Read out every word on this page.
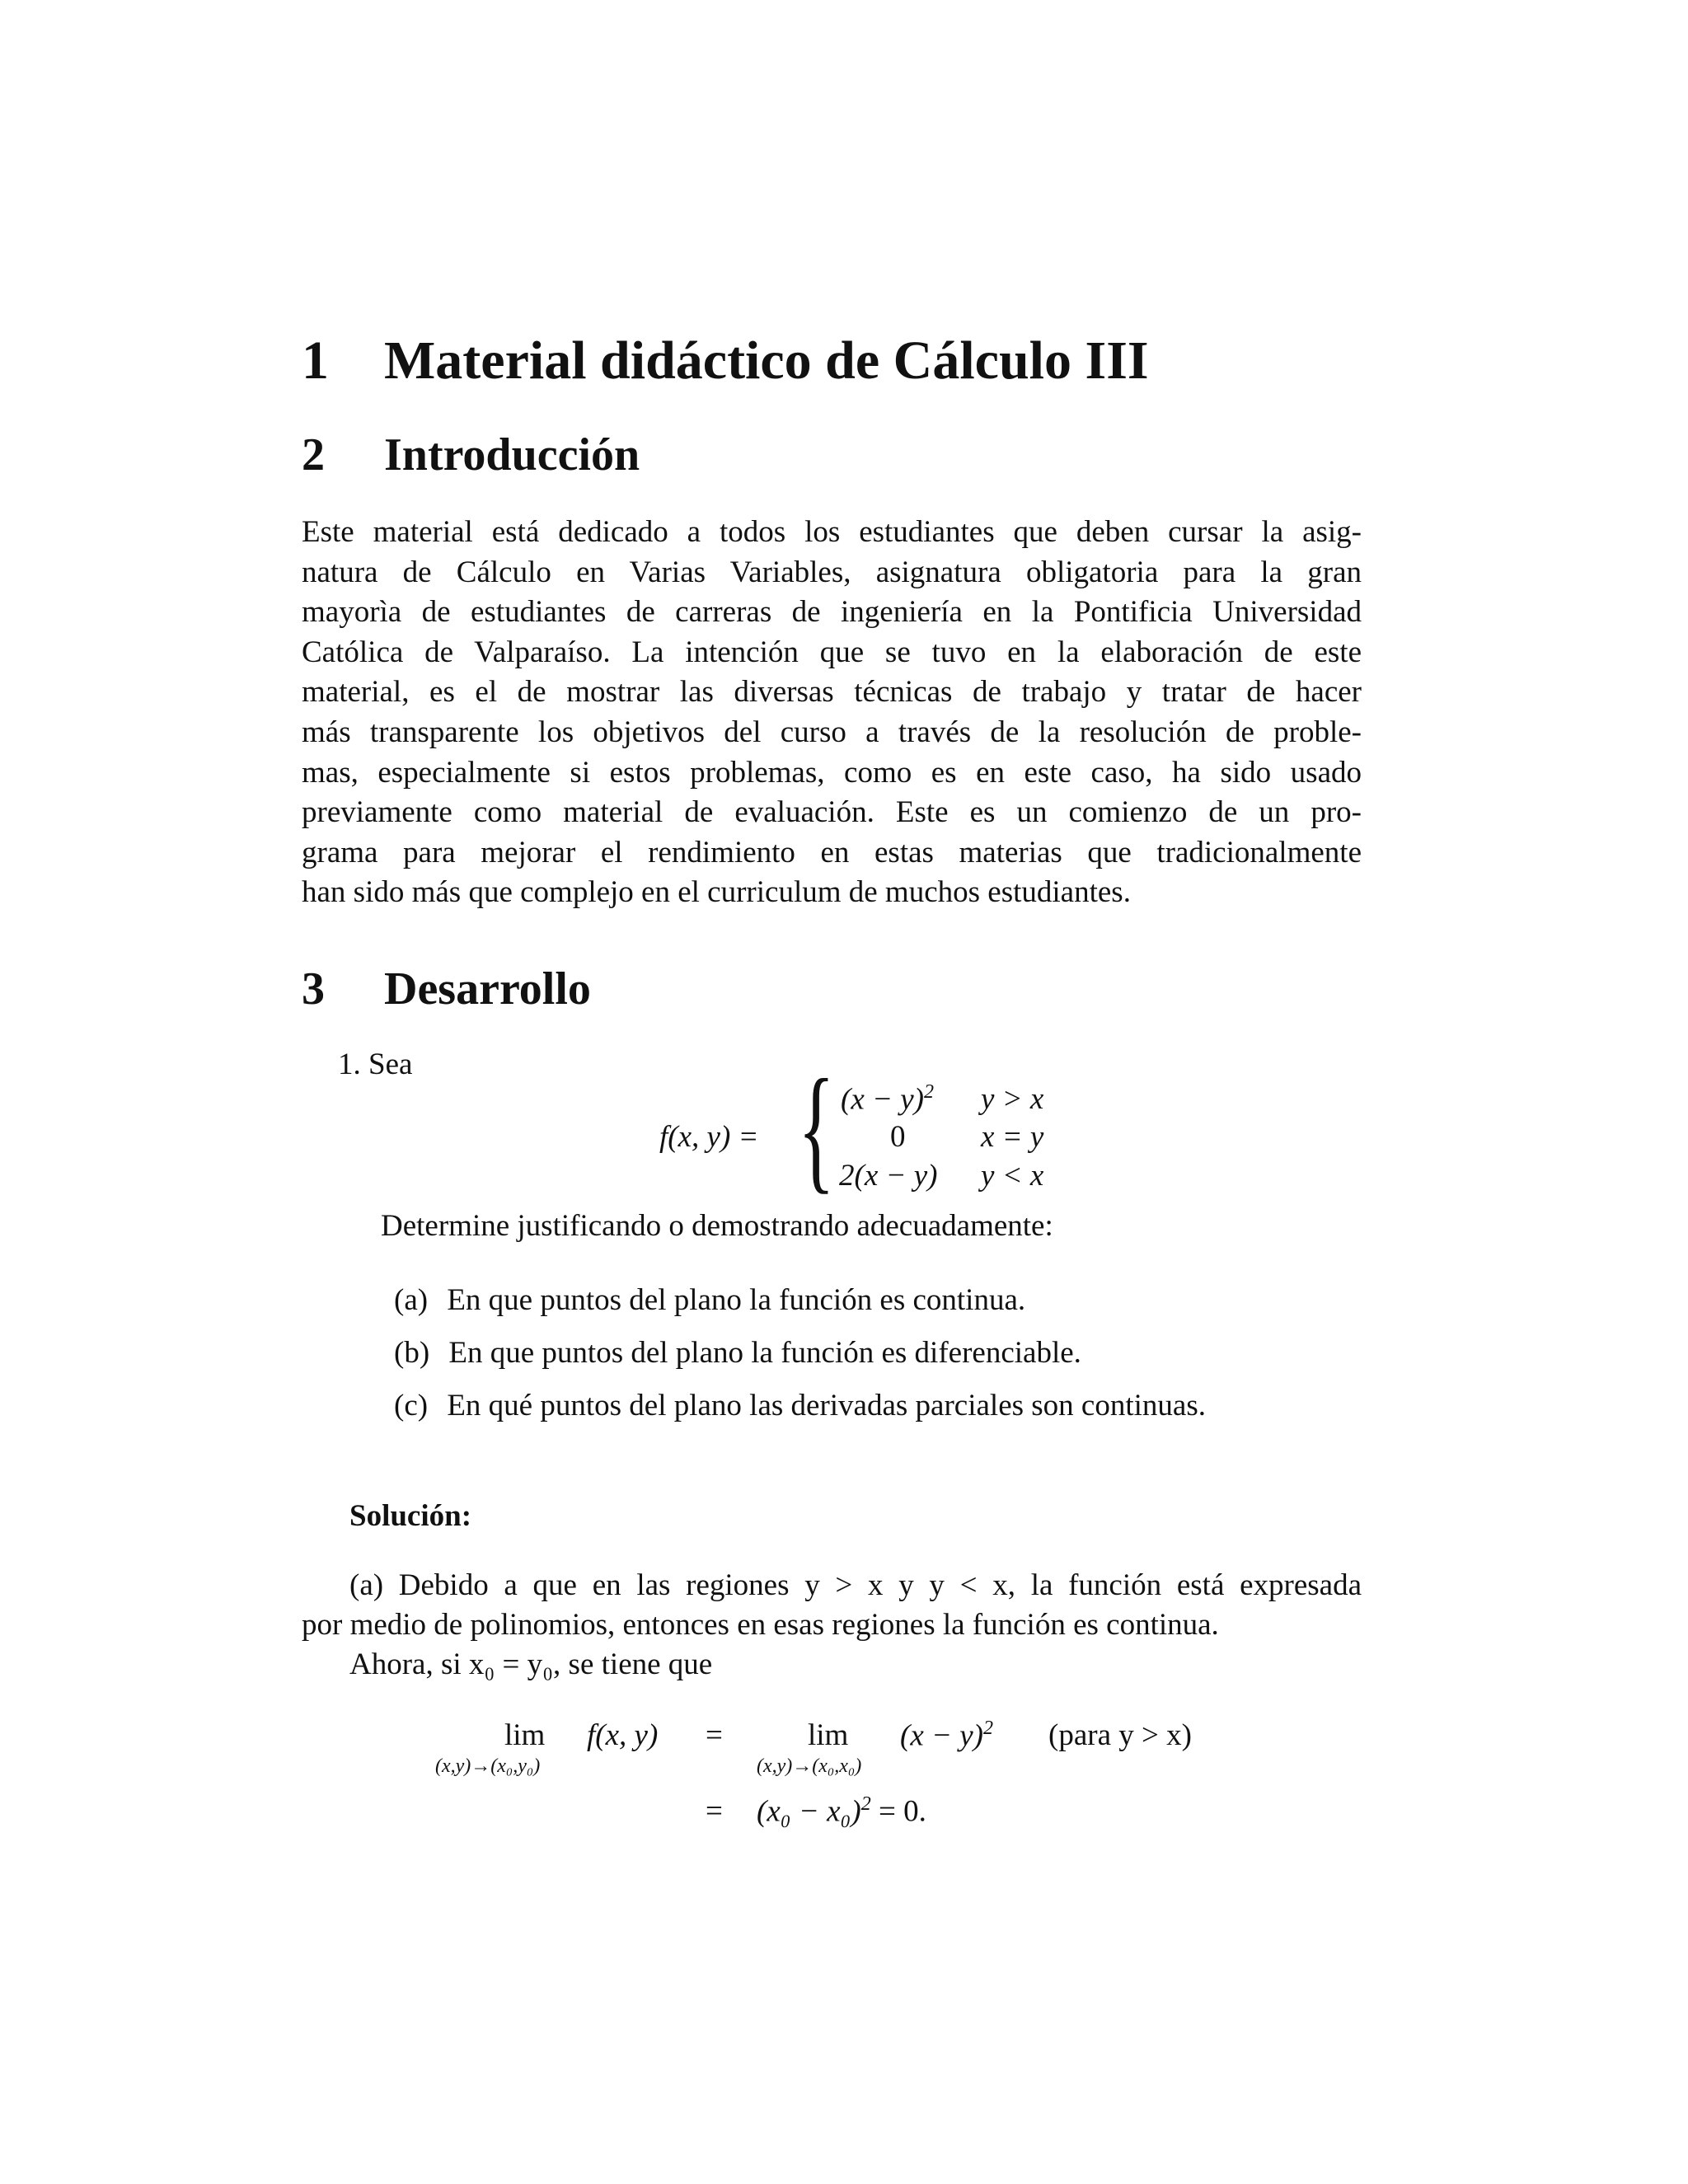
1 Material didáctico de Cálculo III
2 Introducción
Este material está dedicado a todos los estudiantes que deben cursar la asig-
natura de Cálculo en Varias Variables, asignatura obligatoria para la gran
mayorìa de estudiantes de carreras de ingeniería en la Pontificia Universidad
Católica de Valparaíso. La intención que se tuvo en la elaboración de este
material, es el de mostrar las diversas técnicas de trabajo y tratar de hacer
más transparente los objetivos del curso a través de la resolución de proble-
mas, especialmente si estos problemas, como es en este caso, ha sido usado
previamente como material de evaluación. Este es un comienzo de un pro-
grama para mejorar el rendimiento en estas materias que tradicionalmente
han sido más que complejo en el curriculum de muchos estudiantes.
3 Desarrollo
1. Sea
f(x, y) = { $(x - y)^2$ y > x
0 x = y
2(x − y) y < x
Determine justificando o demostrando adecuadamente:
(a) En que puntos del plano la función es continua.
(b) En que puntos del plano la función es diferenciable.
(c) En qué puntos del plano las derivadas parciales son continuas.
Solución:
(a) Debido a que en las regiones y > x y y < x, la función está expresada
por medio de polinomios, entonces en esas regiones la función es continua.
Ahora, si x₀ = y₀, se tiene que
lim
(x,y)→(x₀,y₀)
f(x, y) =	lim
(x,y)→(x₀,x₀)
$(x - y)^2$ (para y > x)
= $(x_0 - x_0)^2 = 0$.
